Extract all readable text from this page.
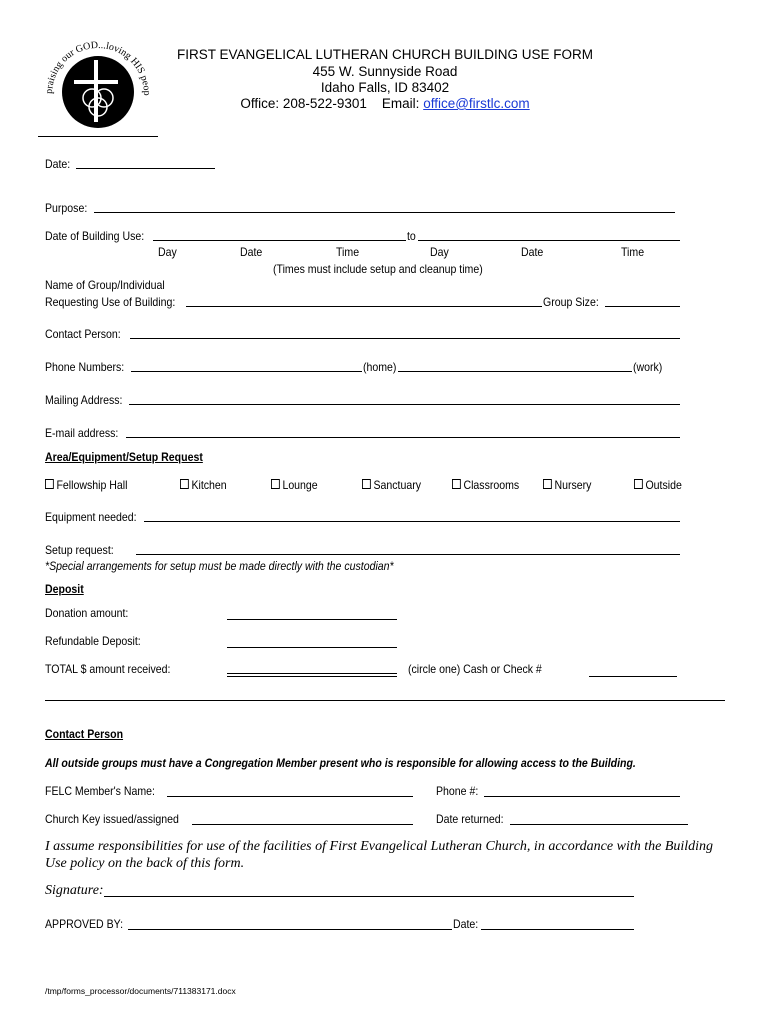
praising our GOD...loving HIS peop
FIRST EVANGELICAL LUTHERAN CHURCH BUILDING USE FORM
455 W. Sunnyside Road
Idaho Falls, ID 83402
Office: 208-522-9301 Email: office@firstlc.com
Date:
Purpose:
Date of Building Use:	to
Day	Date	Time	Day	Date	Time
(Times must include setup and cleanup time)
Name of Group/Individual
Requesting Use of Building:	Group Size:
Contact Person:
Phone Numbers:	(home)	(work)
Mailing Address:
E-mail address:
Area/Equipment/Setup Request
Fellowship Hall	Kitchen	Lounge	Sanctuary	Classrooms	Nursery	Outside
Equipment needed:
Setup request:
*Special arrangements for setup must be made directly with the custodian*
Deposit
Donation amount:
Refundable Deposit:
TOTAL $ amount received:	(circle one) Cash or Check #
Contact Person
All outside groups must have a Congregation Member present who is responsible for allowing access to the Building.
FELC Member's Name:	Phone #:
Church Key issued/assigned	Date returned:
I assume responsibilities for use of the facilities of First Evangelical Lutheran Church, in accordance with the Building Use policy on the back of this form.
Signature:
APPROVED BY:	Date:
/tmp/forms_processor/documents/711383171.docx
